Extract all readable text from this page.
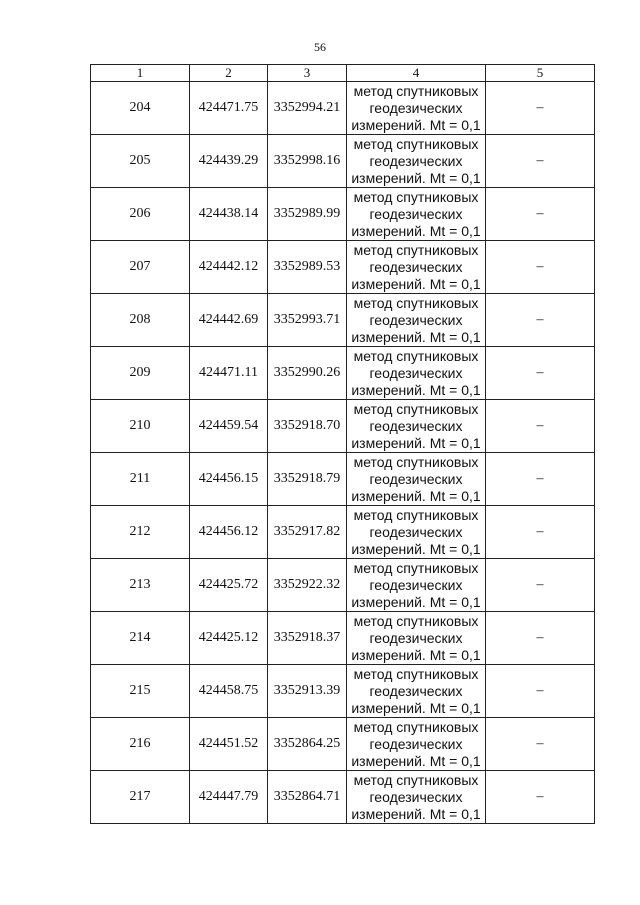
56
1	2	3	4	5
204	424471.75	3352994.21	метод спутниковых
геодезических
измерений. Mt = 0,1	–
205	424439.29	3352998.16	метод спутниковых
геодезических
измерений. Mt = 0,1	–
206	424438.14	3352989.99	метод спутниковых
геодезических
измерений. Mt = 0,1	–
207	424442.12	3352989.53	метод спутниковых
геодезических
измерений. Mt = 0,1	–
208	424442.69	3352993.71	метод спутниковых
геодезических
измерений. Mt = 0,1	–
209	424471.11	3352990.26	метод спутниковых
геодезических
измерений. Mt = 0,1	–
210	424459.54	3352918.70	метод спутниковых
геодезических
измерений. Mt = 0,1	–
211	424456.15	3352918.79	метод спутниковых
геодезических
измерений. Mt = 0,1	–
212	424456.12	3352917.82	метод спутниковых
геодезических
измерений. Mt = 0,1	–
213	424425.72	3352922.32	метод спутниковых
геодезических
измерений. Mt = 0,1	–
214	424425.12	3352918.37	метод спутниковых
геодезических
измерений. Mt = 0,1	–
215	424458.75	3352913.39	метод спутниковых
геодезических
измерений. Mt = 0,1	–
216	424451.52	3352864.25	метод спутниковых
геодезических
измерений. Mt = 0,1	–
217	424447.79	3352864.71	метод спутниковых
геодезических
измерений. Mt = 0,1	–
